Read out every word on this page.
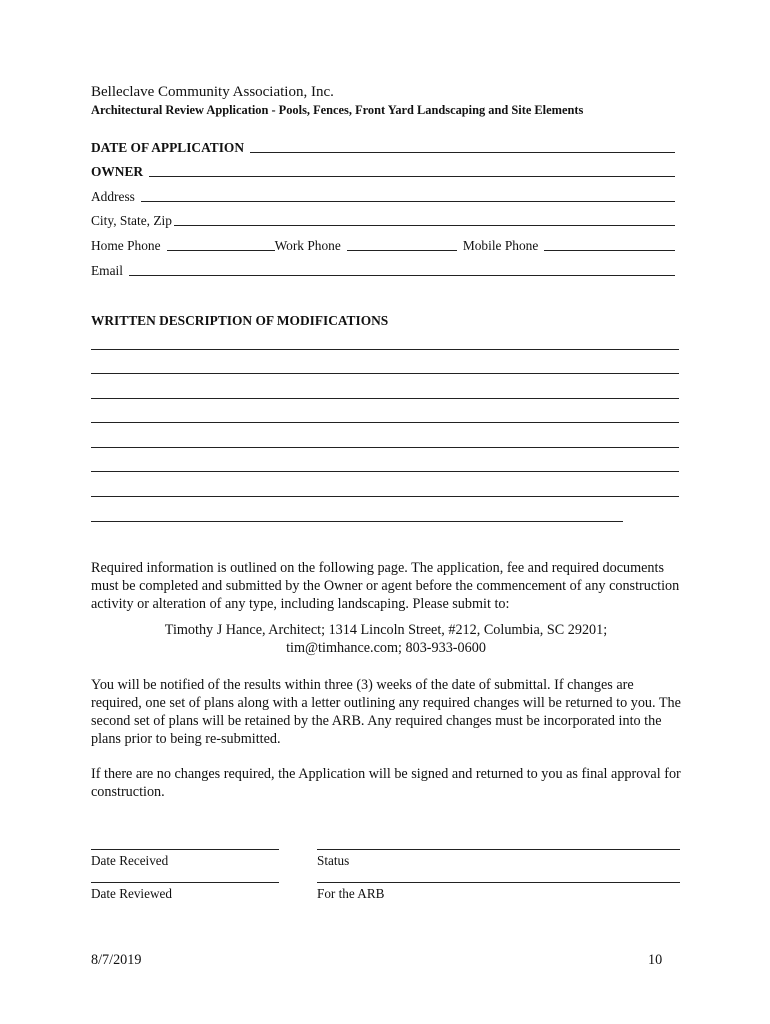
Belleclave Community Association, Inc.
Architectural Review Application - Pools, Fences, Front Yard Landscaping and Site Elements
DATE OF APPLICATION
OWNER
Address
City, State, Zip
Home Phone	Work Phone	Mobile Phone
Email
WRITTEN DESCRIPTION OF MODIFICATIONS
Required information is outlined on the following page. The application, fee and required documents must be completed and submitted by the Owner or agent before the commencement of any construction activity or alteration of any type, including landscaping. Please submit to:
Timothy J Hance, Architect; 1314 Lincoln Street, #212, Columbia, SC 29201;
tim@timhance.com; 803-933-0600
You will be notified of the results within three (3) weeks of the date of submittal. If changes are required, one set of plans along with a letter outlining any required changes will be returned to you. The second set of plans will be retained by the ARB. Any required changes must be incorporated into the plans prior to being re-submitted.
If there are no changes required, the Application will be signed and returned to you as final approval for construction.
Date Received	Status
Date Reviewed	For the ARB
8/7/2019	10
